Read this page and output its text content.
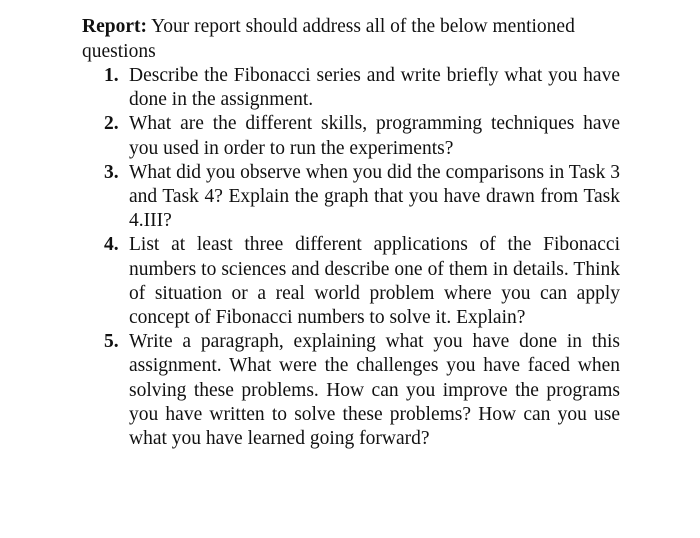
Report: Your report should address all of the below mentioned questions

1. Describe the Fibonacci series and write briefly what you have done in the assignment.
2. What are the different skills, programming techniques have you used in order to run the experiments?
3. What did you observe when you did the comparisons in Task 3 and Task 4? Explain the graph that you have drawn from Task 4.III?
4. List at least three different applications of the Fibonacci numbers to sciences and describe one of them in details. Think of situation or a real world problem where you can apply concept of Fibonacci numbers to solve it. Explain?
5. Write a paragraph, explaining what you have done in this assignment. What were the challenges you have faced when solving these problems. How can you improve the programs you have written to solve these problems? How can you use what you have learned going forward?
